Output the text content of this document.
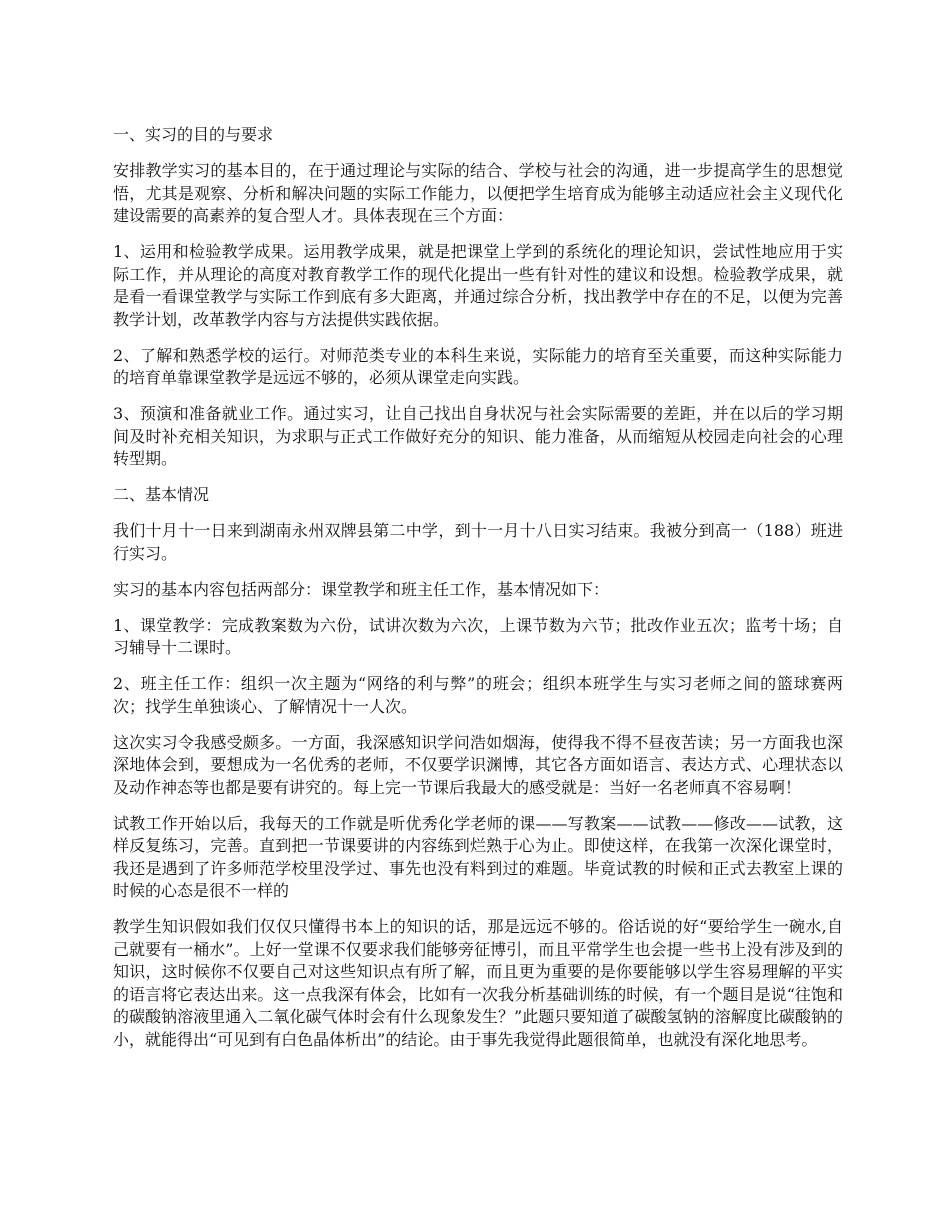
一、实习的目的与要求

安排教学实习的基本目的，在于通过理论与实际的结合、学校与社会的沟通，进一步提高学生的思想觉悟，尤其是观察、分析和解决问题的实际工作能力，以便把学生培育成为能够主动适应社会主义现代化建设需要的高素养的复合型人才。具体表现在三个方面：

1、运用和检验教学成果。运用教学成果，就是把课堂上学到的系统化的理论知识，尝试性地应用于实际工作，并从理论的高度对教育教学工作的现代化提出一些有针对性的建议和设想。检验教学成果，就是看一看课堂教学与实际工作到底有多大距离，并通过综合分析，找出教学中存在的不足，以便为完善教学计划，改革教学内容与方法提供实践依据。

2、了解和熟悉学校的运行。对师范类专业的本科生来说，实际能力的培育至关重要，而这种实际能力的培育单靠课堂教学是远远不够的，必须从课堂走向实践。

3、预演和准备就业工作。通过实习，让自己找出自身状况与社会实际需要的差距，并在以后的学习期间及时补充相关知识，为求职与正式工作做好充分的知识、能力准备，从而缩短从校园走向社会的心理转型期。

二、基本情况

我们十月十一日来到湖南永州双牌县第二中学，到十一月十八日实习结束。我被分到高一（188）班进行实习。

实习的基本内容包括两部分：课堂教学和班主任工作，基本情况如下：

1、课堂教学：完成教案数为六份，试讲次数为六次，上课节数为六节；批改作业五次；监考十场；自习辅导十二课时。

2、班主任工作：组织一次主题为“网络的利与弊”的班会；组织本班学生与实习老师之间的篮球赛两次；找学生单独谈心、了解情况十一人次。

这次实习令我感受颇多。一方面，我深感知识学问浩如烟海，使得我不得不昼夜苦读；另一方面我也深深地体会到，要想成为一名优秀的老师，不仅要学识渊博，其它各方面如语言、表达方式、心理状态以及动作神态等也都是要有讲究的。每上完一节课后我最大的感受就是：当好一名老师真不容易啊！

试教工作开始以后，我每天的工作就是听优秀化学老师的课——写教案——试教——修改——试教，这样反复练习，完善。直到把一节课要讲的内容练到烂熟于心为止。即使这样，在我第一次深化课堂时，我还是遇到了许多师范学校里没学过、事先也没有料到过的难题。毕竟试教的时候和正式去教室上课的时候的心态是很不一样的

教学生知识假如我们仅仅只懂得书本上的知识的话，那是远远不够的。俗话说的好“要给学生一碗水,自己就要有一桶水”。上好一堂课不仅要求我们能够旁征博引，而且平常学生也会提一些书上没有涉及到的知识，这时候你不仅要自己对这些知识点有所了解，而且更为重要的是你要能够以学生容易理解的平实的语言将它表达出来。这一点我深有体会，比如有一次我分析基础训练的时候，有一个题目是说“往饱和的碳酸钠溶液里通入二氧化碳气体时会有什么现象发生？”此题只要知道了碳酸氢钠的溶解度比碳酸钠的小，就能得出“可见到有白色晶体析出”的结论。由于事先我觉得此题很简单，也就没有深化地思考。
